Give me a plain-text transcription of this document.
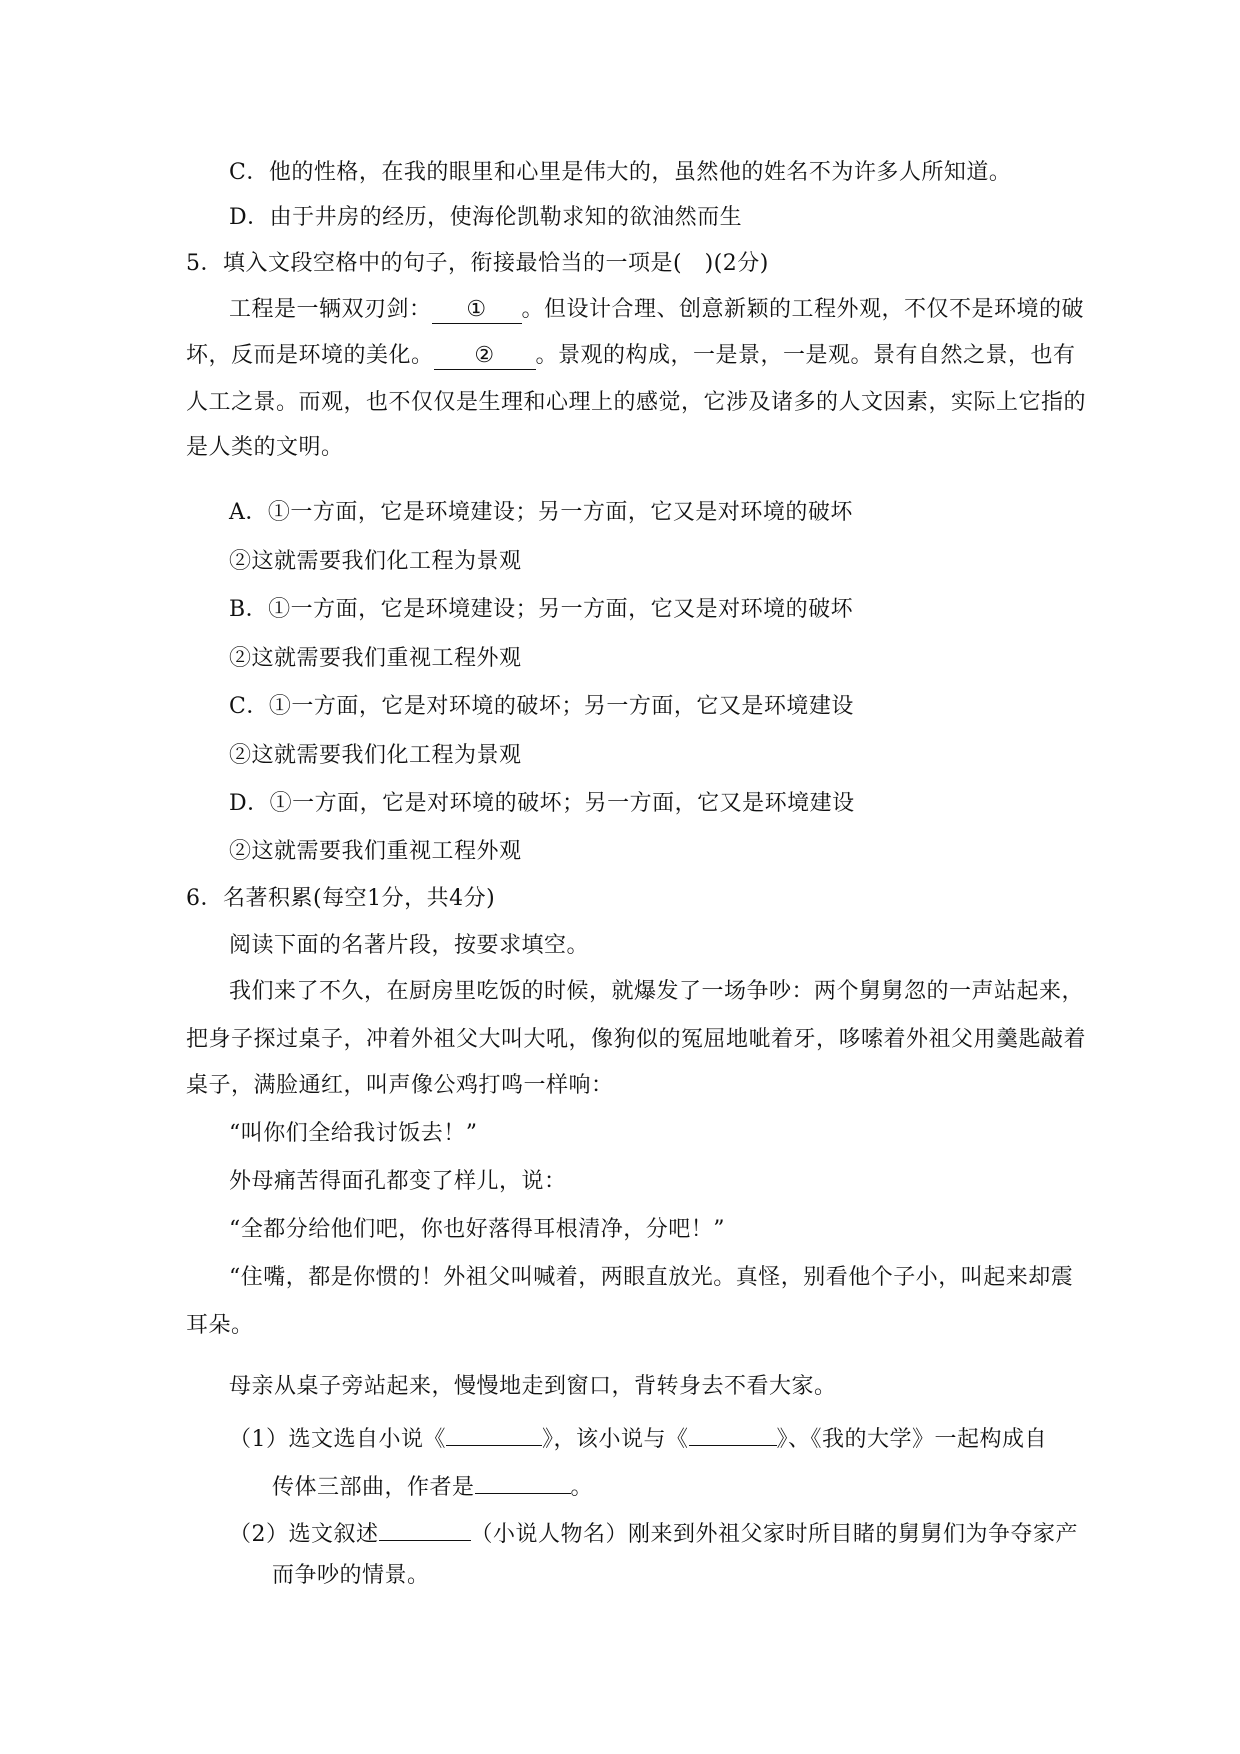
C．他的性格，在我的眼里和心里是伟大的，虽然他的姓名不为许多人所知道。
D．由于井房的经历，使海伦凯勒求知的欲油然而生
5．填入文段空格中的句子，衔接最恰当的一项是(　)(2分)
工程是一辆双刃剑： ① 。但设计合理、创意新颖的工程外观，不仅不是环境的破
坏，反而是环境的美化。 ② 。景观的构成，一是景，一是观。景有自然之景，也有
人工之景。而观，也不仅仅是生理和心理上的感觉，它涉及诸多的人文因素，实际上它指的
是人类的文明。
A．①一方面，它是环境建设；另一方面，它又是对环境的破坏
②这就需要我们化工程为景观
B．①一方面，它是环境建设；另一方面，它又是对环境的破坏
②这就需要我们重视工程外观
C．①一方面，它是对环境的破坏；另一方面，它又是环境建设
②这就需要我们化工程为景观
D．①一方面，它是对环境的破坏；另一方面，它又是环境建设
②这就需要我们重视工程外观
6．名著积累(每空1分，共4分)
阅读下面的名著片段，按要求填空。
我们来了不久，在厨房里吃饭的时候，就爆发了一场争吵：两个舅舅忽的一声站起来，
把身子探过桌子，冲着外祖父大叫大吼，像狗似的冤屈地呲着牙，哆嗦着外祖父用羹匙敲着
桌子，满脸通红，叫声像公鸡打鸣一样响：
“叫你们全给我讨饭去！”
外母痛苦得面孔都变了样儿，说：
“全都分给他们吧，你也好落得耳根清净，分吧！”
“住嘴，都是你惯的！外祖父叫喊着，两眼直放光。真怪，别看他个子小，叫起来却震
耳朵。
母亲从桌子旁站起来，慢慢地走到窗口，背转身去不看大家。
（1）选文选自小说《	》，该小说与《	》、《我的大学》一起构成自
传体三部曲，作者是	。
（2）选文叙述	（小说人物名）刚来到外祖父家时所目睹的舅舅们为争夺家产
而争吵的情景。
